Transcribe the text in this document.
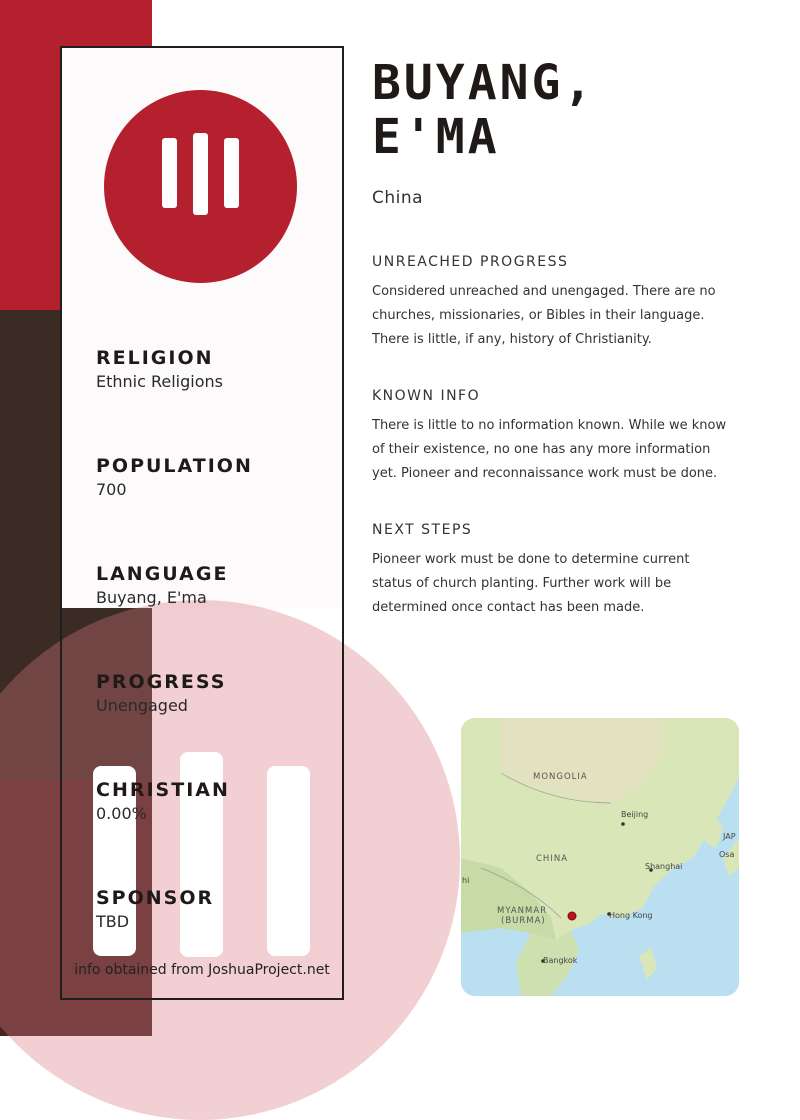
RELIGION
Ethnic Religions
POPULATION
700
LANGUAGE
Buyang, E'ma
PROGRESS
Unengaged
CHRISTIAN
0.00%
SPONSOR
TBD
info obtained from JoshuaProject.net
BUYANG,
E'MA
China
UNREACHED PROGRESS
Considered unreached and unengaged. There are no
churches, missionaries, or Bibles in their language.
There is little, if any, history of Christianity.
KNOWN INFO
There is little to no information known. While we know
of their existence, no one has any more information
yet. Pioneer and reconnaissance work must be done.
NEXT STEPS
Pioneer work must be done to determine current
status of church planting. Further work will be
determined once contact has been made.
MONGOLIA
Beijing
CHINA
Shanghai
JAP
Osa
hi
MYANMAR
(BURMA)
Hong Kong
Bangkok
